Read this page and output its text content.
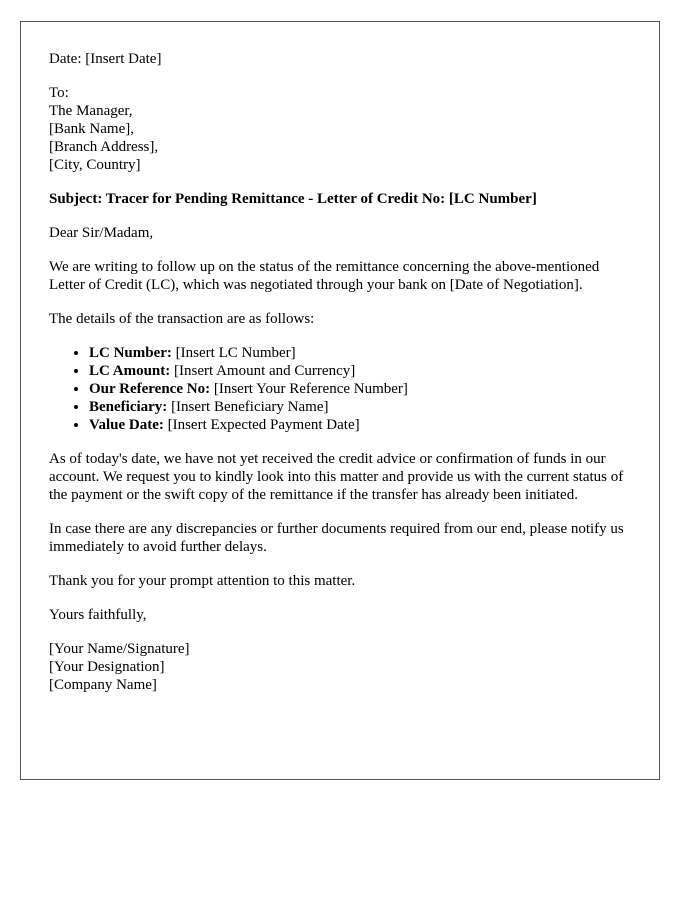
Date: [Insert Date]

To:
The Manager,
[Bank Name],
[Branch Address],
[City, Country]

Subject: Tracer for Pending Remittance - Letter of Credit No: [LC Number]

Dear Sir/Madam,

We are writing to follow up on the status of the remittance concerning the above-mentioned Letter of Credit (LC), which was negotiated through your bank on [Date of Negotiation].

The details of the transaction are as follows:

• LC Number: [Insert LC Number]
• LC Amount: [Insert Amount and Currency]
• Our Reference No: [Insert Your Reference Number]
• Beneficiary: [Insert Beneficiary Name]
• Value Date: [Insert Expected Payment Date]

As of today's date, we have not yet received the credit advice or confirmation of funds in our account. We request you to kindly look into this matter and provide us with the current status of the payment or the swift copy of the remittance if the transfer has already been initiated.

In case there are any discrepancies or further documents required from our end, please notify us immediately to avoid further delays.

Thank you for your prompt attention to this matter.

Yours faithfully,

[Your Name/Signature]
[Your Designation]
[Company Name]
